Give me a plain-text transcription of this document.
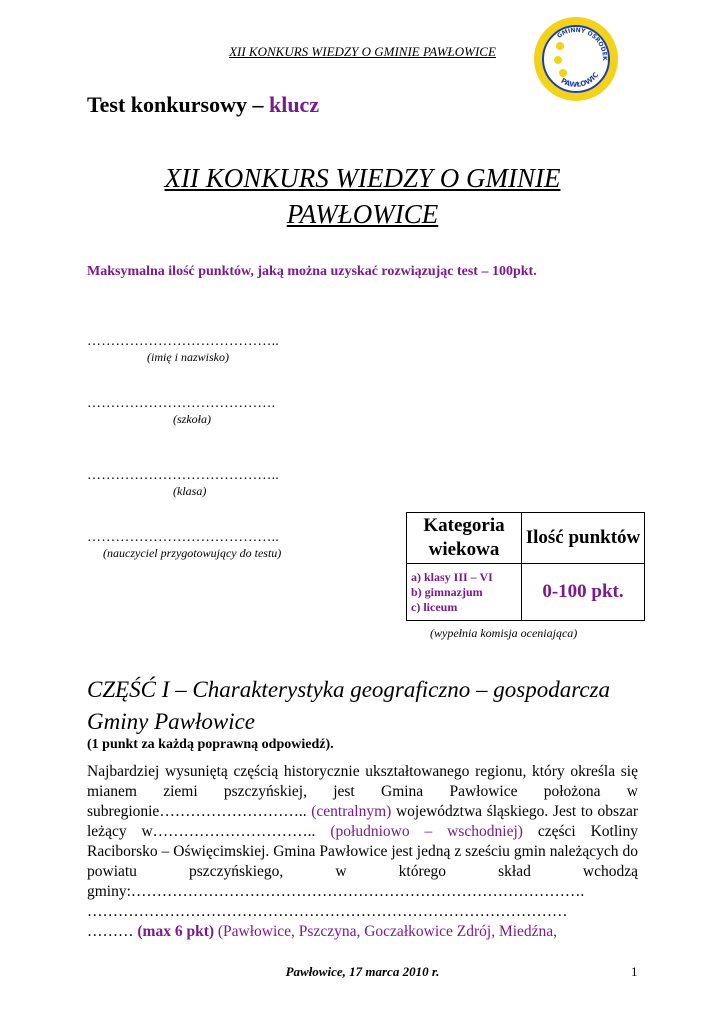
XII KONKURS WIEDZY O GMINIE PAWŁOWICE
GMINNY OŚRODEK
PAWŁOWIC
Test konkursowy – klucz
XII KONKURS WIEDZY O GMINIE
PAWŁOWICE
Maksymalna ilość punktów, jaką można uzyskać rozwiązując test – 100pkt.
…………………………………..
(imię i nazwisko)
………………………………….
(szkoła)
…………………………………..
(klasa)
…………………………………..
(nauczyciel przygotowujący do testu)
Kategoria wiekowa	Ilość punktów

a) klasy III – VI
b) gimnazjum
c) liceum	0-100 pkt.
(wypełnia komisja oceniająca)
CZĘŚĆ I – Charakterystyka geograficzno – gospodarcza Gminy Pawłowice
(1 punkt za każdą poprawną odpowiedź).
Najbardziej wysuniętą częścią historycznie ukształtowanego regionu, który określa się mianem ziemi pszczyńskiej, jest Gmina Pawłowice położona w subregionie……………………….. (centralnym) województwa śląskiego. Jest to obszar leżący w………………………….. (południowo – wschodniej) części Kotliny Raciborsko – Oświęcimskiej. Gmina Pawłowice jest jedną z sześciu gmin należących do powiatu pszczyńskiego, w którego skład wchodzą gminy:…………………………………………………………………………….
…………………………………………………………………………………
……… (max 6 pkt) (Pawłowice, Pszczyna, Goczałkowice Zdrój, Miedźna,
Pawłowice, 17 marca 2010 r.	1
